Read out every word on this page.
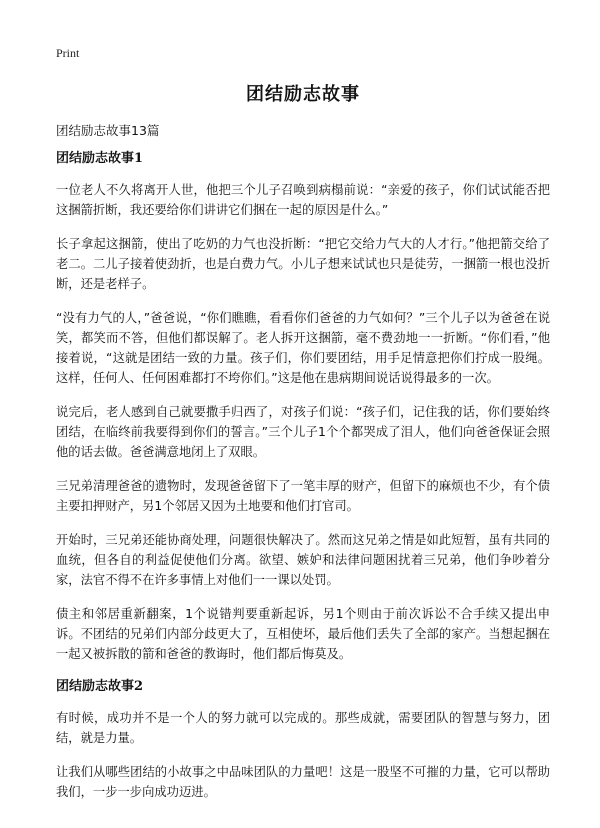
Print
团结励志故事

团结励志故事13篇

团结励志故事1

一位老人不久将离开人世，他把三个儿子召唤到病榻前说：“亲爱的孩子，你们试试能否把这捆箭折断，我还要给你们讲讲它们捆在一起的原因是什么。”

长子拿起这捆箭，使出了吃奶的力气也没折断：“把它交给力气大的人才行。”他把箭交给了老二。二儿子接着使劲折，也是白费力气。小儿子想来试试也只是徒劳，一捆箭一根也没折断，还是老样子。

“没有力气的人，”爸爸说，“你们瞧瞧，看看你们爸爸的力气如何？”三个儿子以为爸爸在说笑，都笑而不答，但他们都误解了。老人拆开这捆箭，毫不费劲地一一折断。“你们看，”他接着说，“这就是团结一致的力量。孩子们，你们要团结，用手足情意把你们拧成一股绳。这样，任何人、任何困难都打不垮你们。”这是他在患病期间说话说得最多的一次。

说完后，老人感到自己就要撒手归西了，对孩子们说：“孩子们，记住我的话，你们要始终团结，在临终前我要得到你们的誓言。”三个儿子1个个都哭成了泪人，他们向爸爸保证会照他的话去做。爸爸满意地闭上了双眼。

三兄弟清理爸爸的遗物时，发现爸爸留下了一笔丰厚的财产，但留下的麻烦也不少，有个债主要扣押财产，另1个邻居又因为土地要和他们打官司。

开始时，三兄弟还能协商处理，问题很快解决了。然而这兄弟之情是如此短暂，虽有共同的血统，但各自的利益促使他们分离。欲望、嫉妒和法律问题困扰着三兄弟，他们争吵着分家，法官不得不在许多事情上对他们一一课以处罚。

债主和邻居重新翻案，1个说错判要重新起诉，另1个则由于前次诉讼不合手续又提出申诉。不团结的兄弟们内部分歧更大了，互相使坏，最后他们丢失了全部的家产。当想起捆在一起又被拆散的箭和爸爸的教诲时，他们都后悔莫及。

团结励志故事2

有时候，成功并不是一个人的努力就可以完成的。那些成就，需要团队的智慧与努力，团结，就是力量。

让我们从哪些团结的小故事之中品味团队的力量吧！这是一股坚不可摧的力量，它可以帮助我们，一步一步向成功迈进。
